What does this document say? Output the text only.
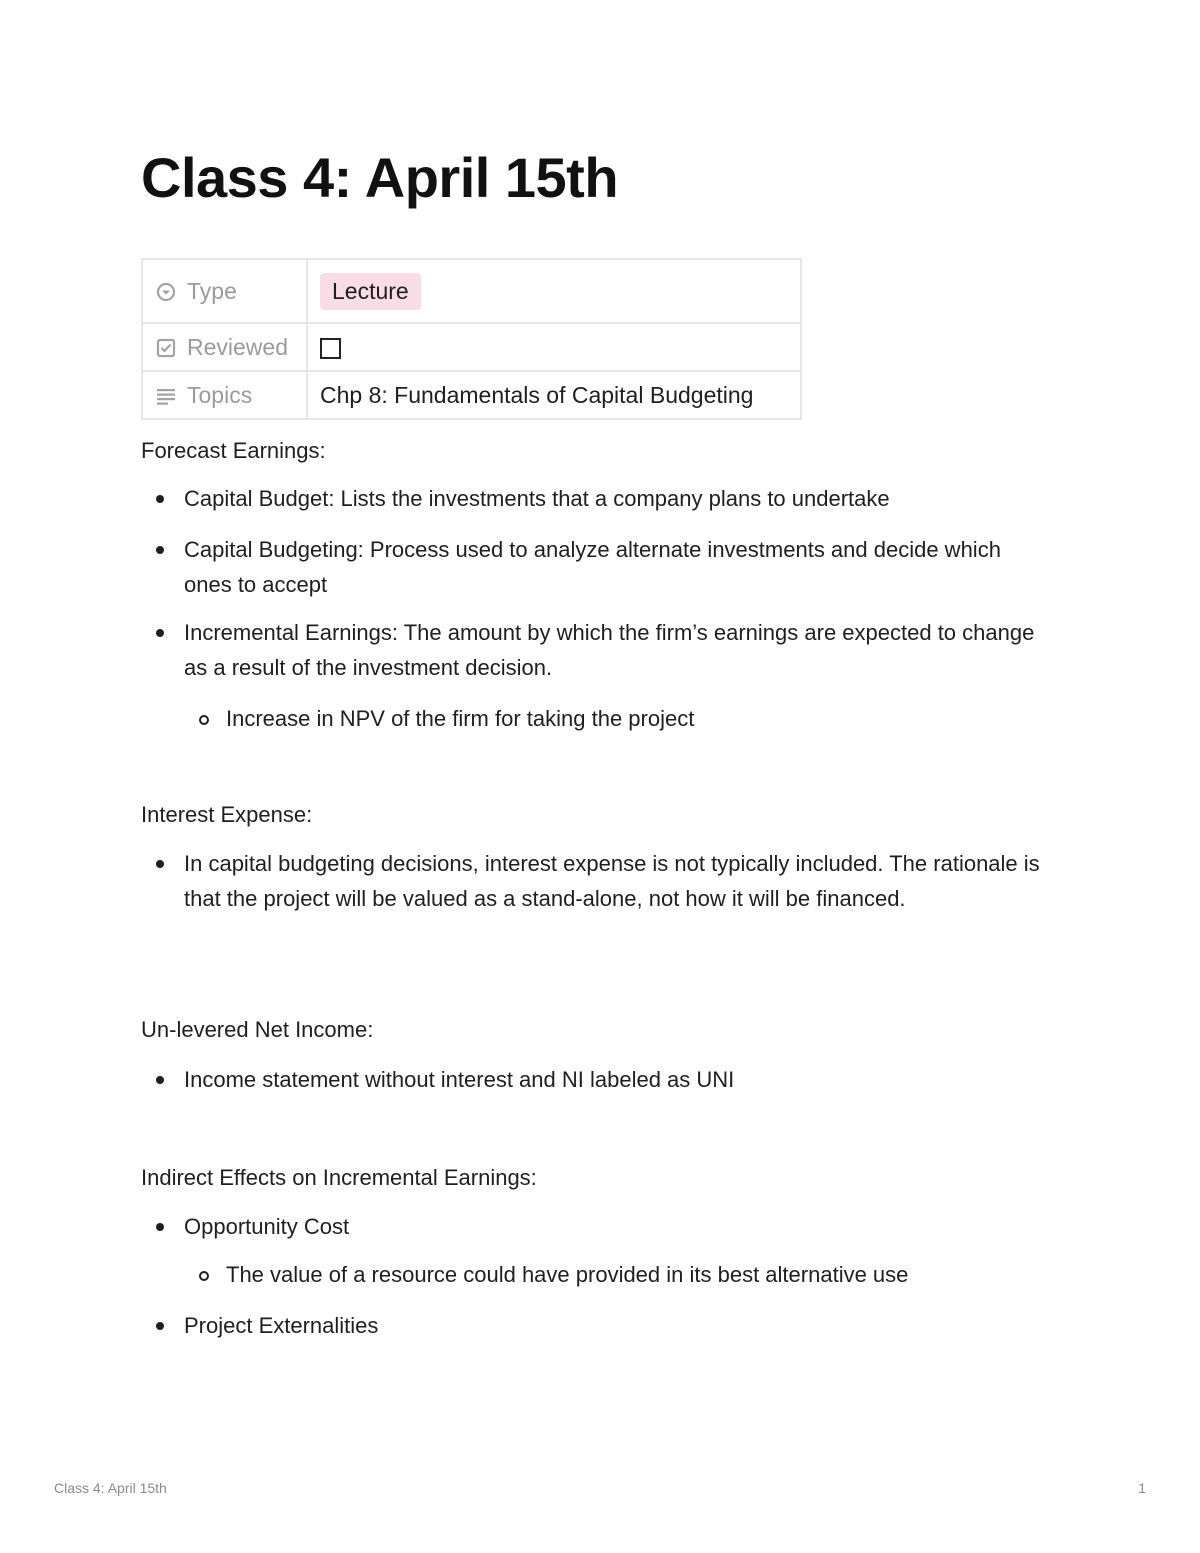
Class 4: April 15th
Type	Lecture

Reviewed	

Topics	Chp 8: Fundamentals of Capital Budgeting

Forecast Earnings:

Capital Budget: Lists the investments that a company plans to undertake
Capital Budgeting: Process used to analyze alternate investments and decide which ones to accept
Incremental Earnings: The amount by which the firm’s earnings are expected to change as a result of the investment decision.
Increase in NPV of the firm for taking the project

Interest Expense:

In capital budgeting decisions, interest expense is not typically included. The rationale is that the project will be valued as a stand-alone, not how it will be financed.

Un-levered Net Income:

Income statement without interest and NI labeled as UNI

Indirect Effects on Incremental Earnings:

Opportunity Cost
The value of a resource could have provided in its best alternative use
Project Externalities
Class 4: April 15th	1
